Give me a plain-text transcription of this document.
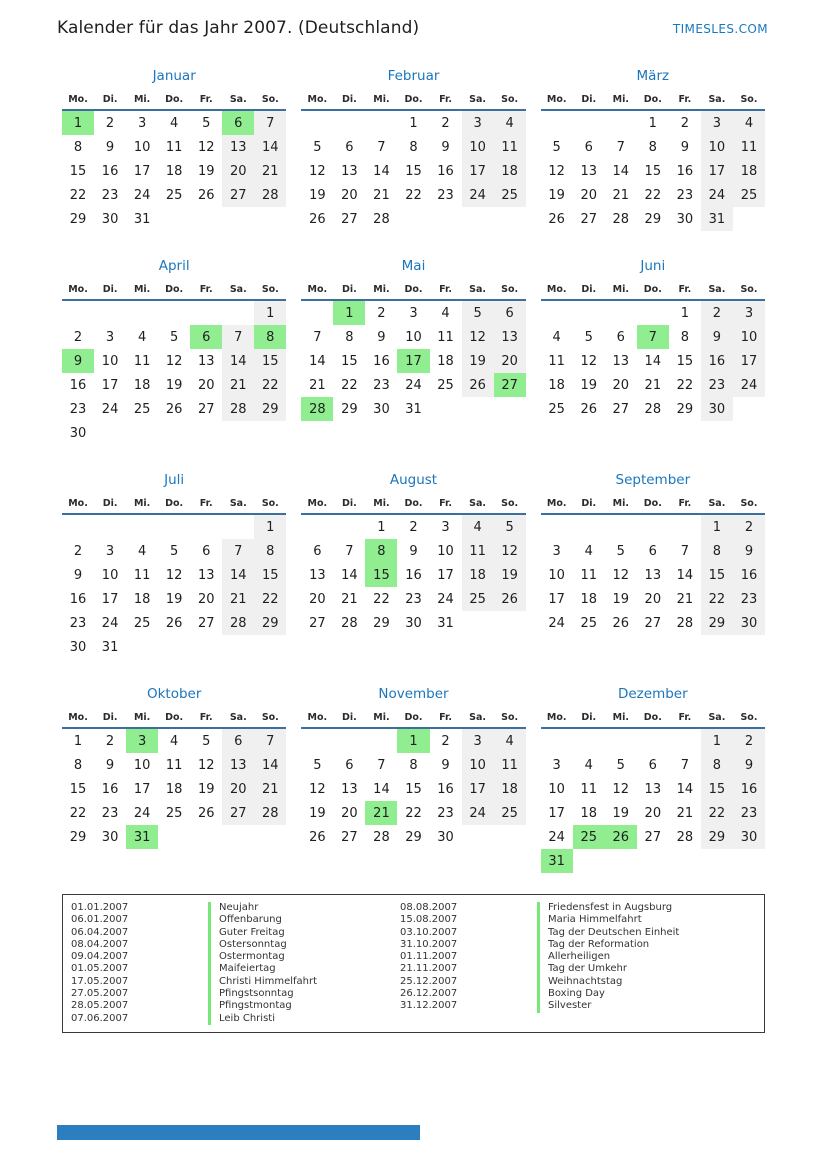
Kalender für das Jahr 2007. (Deutschland)	TIMESLES.COM
Januar
Mo.	Di.	Mi.	Do.	Fr.	Sa.	So.
1	2	3	4	5	6	7
8	9	10	11	12	13	14
15	16	17	18	19	20	21
22	23	24	25	26	27	28
29	30	31				
Februar
Mo.	Di.	Mi.	Do.	Fr.	Sa.	So.
			1	2	3	4
5	6	7	8	9	10	11
12	13	14	15	16	17	18
19	20	21	22	23	24	25
26	27	28				
März
Mo.	Di.	Mi.	Do.	Fr.	Sa.	So.
			1	2	3	4
5	6	7	8	9	10	11
12	13	14	15	16	17	18
19	20	21	22	23	24	25
26	27	28	29	30	31	
April
Mo.	Di.	Mi.	Do.	Fr.	Sa.	So.
						1
2	3	4	5	6	7	8
9	10	11	12	13	14	15
16	17	18	19	20	21	22
23	24	25	26	27	28	29
30						
Mai
Mo.	Di.	Mi.	Do.	Fr.	Sa.	So.
	1	2	3	4	5	6
7	8	9	10	11	12	13
14	15	16	17	18	19	20
21	22	23	24	25	26	27
28	29	30	31			
Juni
Mo.	Di.	Mi.	Do.	Fr.	Sa.	So.
				1	2	3
4	5	6	7	8	9	10
11	12	13	14	15	16	17
18	19	20	21	22	23	24
25	26	27	28	29	30	
Juli
Mo.	Di.	Mi.	Do.	Fr.	Sa.	So.
						1
2	3	4	5	6	7	8
9	10	11	12	13	14	15
16	17	18	19	20	21	22
23	24	25	26	27	28	29
30	31					
August
Mo.	Di.	Mi.	Do.	Fr.	Sa.	So.
		1	2	3	4	5
6	7	8	9	10	11	12
13	14	15	16	17	18	19
20	21	22	23	24	25	26
27	28	29	30	31		
September
Mo.	Di.	Mi.	Do.	Fr.	Sa.	So.
					1	2
3	4	5	6	7	8	9
10	11	12	13	14	15	16
17	18	19	20	21	22	23
24	25	26	27	28	29	30
Oktober
Mo.	Di.	Mi.	Do.	Fr.	Sa.	So.
1	2	3	4	5	6	7
8	9	10	11	12	13	14
15	16	17	18	19	20	21
22	23	24	25	26	27	28
29	30	31				
November
Mo.	Di.	Mi.	Do.	Fr.	Sa.	So.
			1	2	3	4
5	6	7	8	9	10	11
12	13	14	15	16	17	18
19	20	21	22	23	24	25
26	27	28	29	30		
Dezember
Mo.	Di.	Mi.	Do.	Fr.	Sa.	So.
					1	2
3	4	5	6	7	8	9
10	11	12	13	14	15	16
17	18	19	20	21	22	23
24	25	26	27	28	29	30
31						
01.01.2007	Neujahr	08.08.2007	Friedensfest in Augsburg
06.01.2007	Offenbarung	15.08.2007	Maria Himmelfahrt
06.04.2007	Guter Freitag	03.10.2007	Tag der Deutschen Einheit
08.04.2007	Ostersonntag	31.10.2007	Tag der Reformation
09.04.2007	Ostermontag	01.11.2007	Allerheiligen
01.05.2007	Maifeiertag	21.11.2007	Tag der Umkehr
17.05.2007	Christi Himmelfahrt	25.12.2007	Weihnachtstag
27.05.2007	Pfingstsonntag	26.12.2007	Boxing Day
28.05.2007	Pfingstmontag	31.12.2007	Silvester
07.06.2007	Leib Christi
